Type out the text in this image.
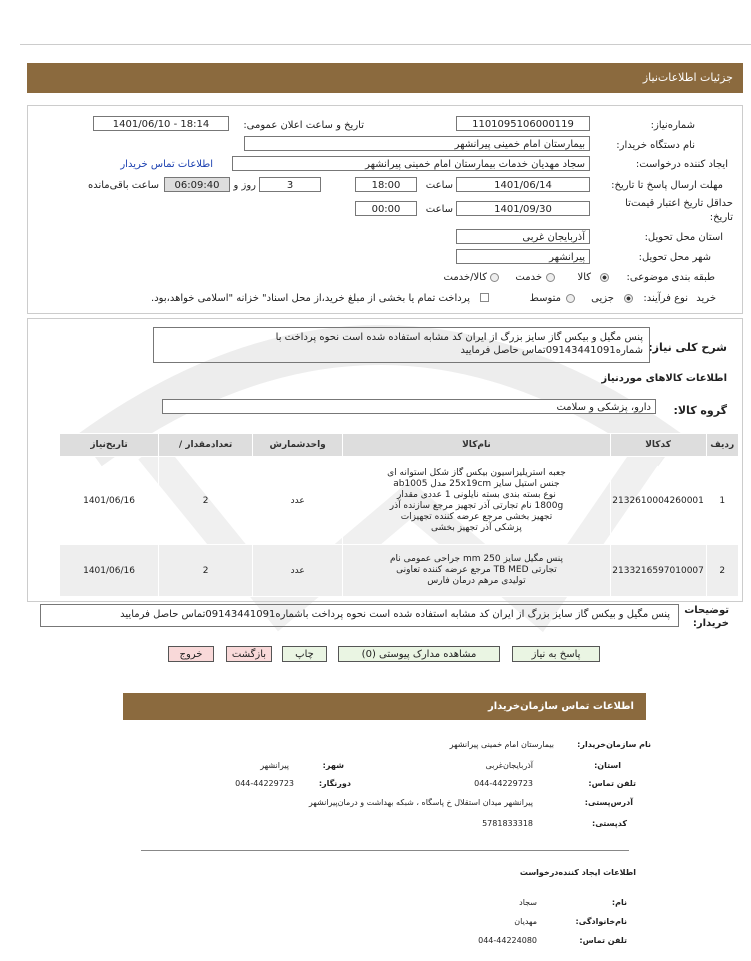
جزئیات اطلاعات‌نیاز
شماره‌نیاز:
1101095106000119
تاریخ و ساعت اعلان عمومی:
1401/06/10 - 18:14
نام دستگاه‌ خریدار:
بیمارستان امام خمینی پیرانشهر
ایجاد کننده درخواست:
سجاد مهدیان خدمات بیمارستان امام خمینی پیرانشهر
اطلاعات تماس خریدار
مهلت ارسال پاسخ تا تاریخ:
1401/06/14
ساعت
18:00
3
روز و
06:09:40
ساعت باقی‌مانده
حداقل تاریخ اعتبار قیمت‌تا تاریخ:
1401/09/30
ساعت
00:00
استان محل تحویل:
آذربایجان غربی
شهر محل تحویل:
پیرانشهر
طبقه بندی موضوعی:
کالا
خدمت
کالا/خدمت
نوع فرآیند: خرید
جزیی
متوسط
پرداخت تمام یا بخشی از مبلغ خرید،از محل اسناد" خزانه "اسلامی خواهد،بود.
شرح کلی نیاز:
پنس مگیل و بیکس گاز سایز بزرگ از ایران کد مشابه استفاده شده است نحوه پرداخت با شماره09143441091تماس حاصل فرمایید
اطلاعات کالاهای موردنیاز
گروه کالا:
دارو، پزشکی و سلامت
ردیف	کدکالا	نام‌کالا	واحدشمارش	تعدادمقدار /	تاریخ‌نیاز
1	2132610004260001	جعبه استریلیزاسیون بیکس گاز شکل استوانه ای جنس استیل سایز 25x19cm مدل ab1005 نوع بسته بندی بسته نایلونی 1 عددی مقدار 1800g نام تجارتی آذر تجهیز مرجع سازنده آذر تجهیز بخشی مرجع عرضه کننده تجهیزات پزشکی آذر تجهیز بخشی	عدد	2	1401/06/16
2	2133216597010007	پنس مگیل سایز 250 mm جراحی عمومی نام تجارتی TB MED مرجع عرضه کننده تعاونی تولیدی مرهم درمان فارس	عدد	2	1401/06/16
توضیحات خریدار:
پنس مگیل و بیکس گاز سایز بزرگ از ایران کد مشابه استفاده شده است نحوه پرداخت باشماره09143441091تماس حاصل فرمایید
پاسخ به نیاز
مشاهده مدارک پیوستی (0)
چاپ
بازگشت
خروج
اطلاعات تماس سازمان‌خریدار
نام سازمان‌خریدار:
بیمارستان امام خمینی پیرانشهر
استان:
آذربایجان‌غربی
شهر:
پیرانشهر
تلفن تماس:
044-44229723
دورنگار:
044-44229723
آدرس‌پستی:
پیرانشهر میدان استقلال خ پاسگاه ، شبکه بهداشت و درمان‌پیرانشهر
کدپستی:
5781833318
اطلاعات ایجاد کننده‌درخواست
نام:
سجاد
نام‌خانوادگی:
مهدیان
تلفن تماس:
044-44224080
